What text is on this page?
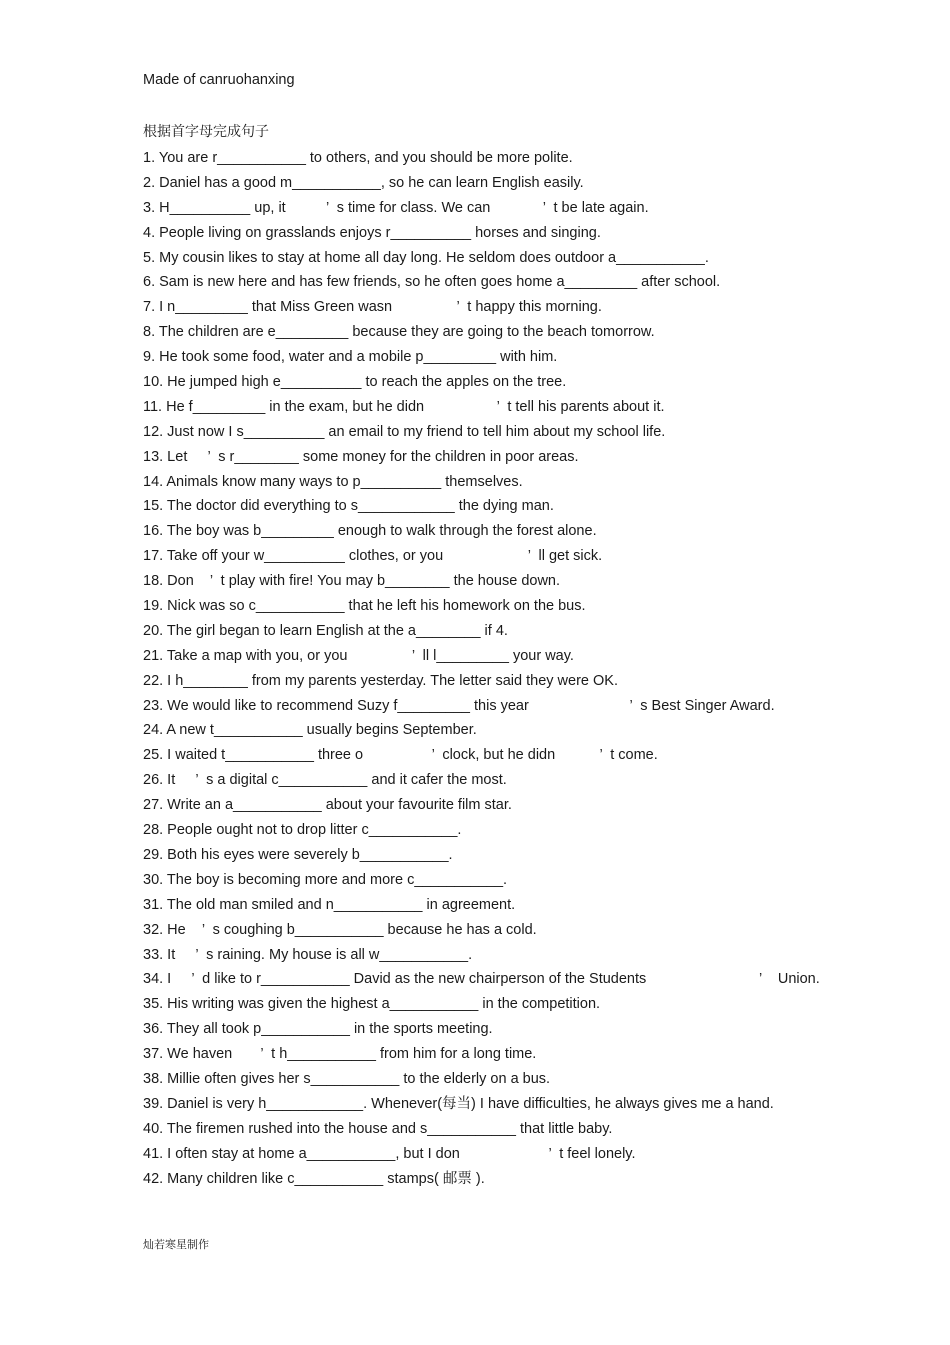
Made of canruohanxing
根据首字母完成句子
1. You are r___________ to others, and you should be more polite.
2. Daniel has a good m___________, so he can learn English easily.
3. H__________ up, it          ’  s time for class. We can             ’  t be late again.
4. People living on grasslands enjoys r__________ horses and singing.
5. My cousin likes to stay at home all day long. He seldom does outdoor a___________.
6. Sam is new here and has few friends, so he often goes home a_________ after school.
7. I n_________ that Miss Green wasn                ’  t happy this morning.
8. The children are e_________ because they are going to the beach tomorrow.
9. He took some food, water and a mobile p_________ with him.
10. He jumped high e__________ to reach the apples on the tree.
11. He f_________ in the exam, but he didn                  ’  t tell his parents about it.
12. Just now I s__________ an email to my friend to tell him about my school life.
13. Let     ’  s r________ some money for the children in poor areas.
14. Animals know many ways to p__________ themselves.
15. The doctor did everything to s____________ the dying man.
16. The boy was b_________ enough to walk through the forest alone.
17. Take off your w__________ clothes, or you                     ’  ll get sick.
18. Don    ’  t play with fire! You may b________ the house down.
19. Nick was so c___________ that he left his homework on the bus.
20. The girl began to learn English at the a________ if 4.
21. Take a map with you, or you                ’  ll l_________ your way.
22. I h________ from my parents yesterday. The letter said they were OK.
23. We would like to recommend Suzy f_________ this year                         ’  s Best Singer Award.
24. A new t___________ usually begins September.
25. I waited t___________ three o                 ’  clock, but he didn           ’  t come.
26. It     ’  s a digital c___________ and it cafer the most.
27. Write an a___________ about your favourite film star.
28. People ought not to drop litter c___________.
29. Both his eyes were severely b___________.
30. The boy is becoming more and more c___________.
31. The old man smiled and n___________ in agreement.
32. He    ’  s coughing b___________ because he has a cold.
33. It     ’  s raining. My house is all w___________.
34. I     ’  d like to r___________ David as the new chairperson of the Students                            ’    Union.
35. His writing was given the highest a___________ in the competition.
36. They all took p___________ in the sports meeting.
37. We haven       ’  t h___________ from him for a long time.
38. Millie often gives her s___________ to the elderly on a bus.
39. Daniel is very h____________. Whenever(每当) I have difficulties, he always gives me a hand.
40. The firemen rushed into the house and s___________ that little baby.
41. I often stay at home a___________, but I don                      ’  t feel lonely.
42. Many children like c___________ stamps( 邮票 ).
灿若寒星制作
